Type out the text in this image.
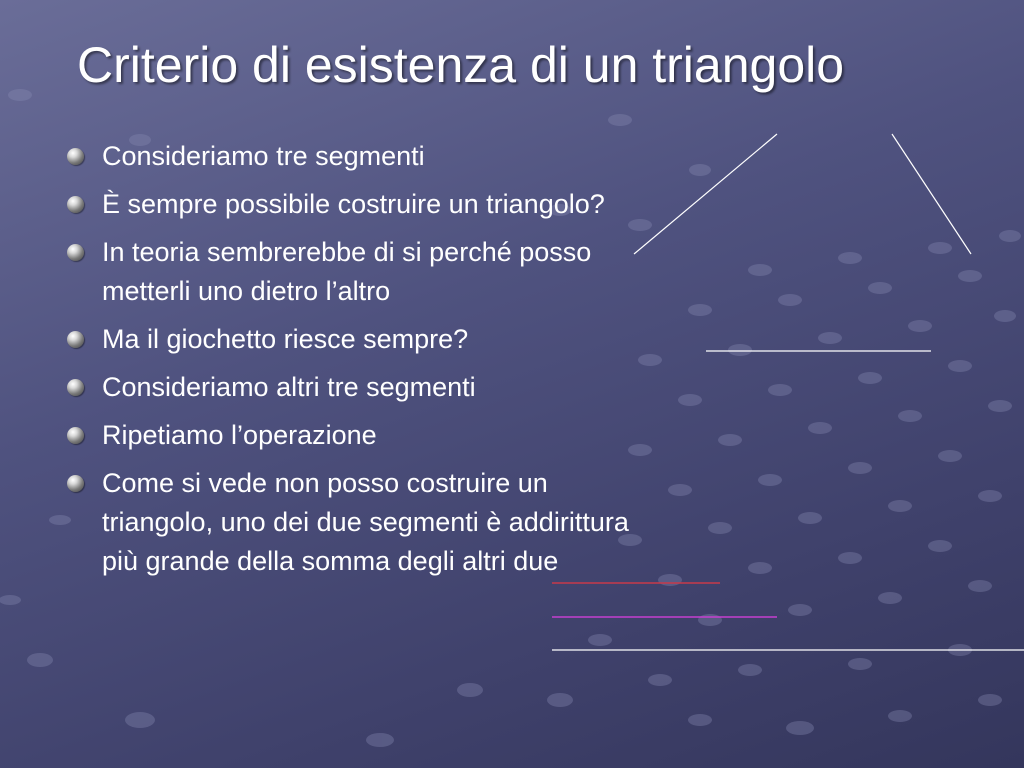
Criterio di esistenza di un triangolo
Consideriamo tre segmenti
È sempre possibile costruire un triangolo?
In teoria sembrerebbe di si perché posso metterli uno dietro l’altro
Ma il giochetto riesce sempre?
Consideriamo altri tre segmenti
Ripetiamo l’operazione
Come si vede non posso costruire un triangolo, uno dei due segmenti è addirittura più grande della somma degli altri due
